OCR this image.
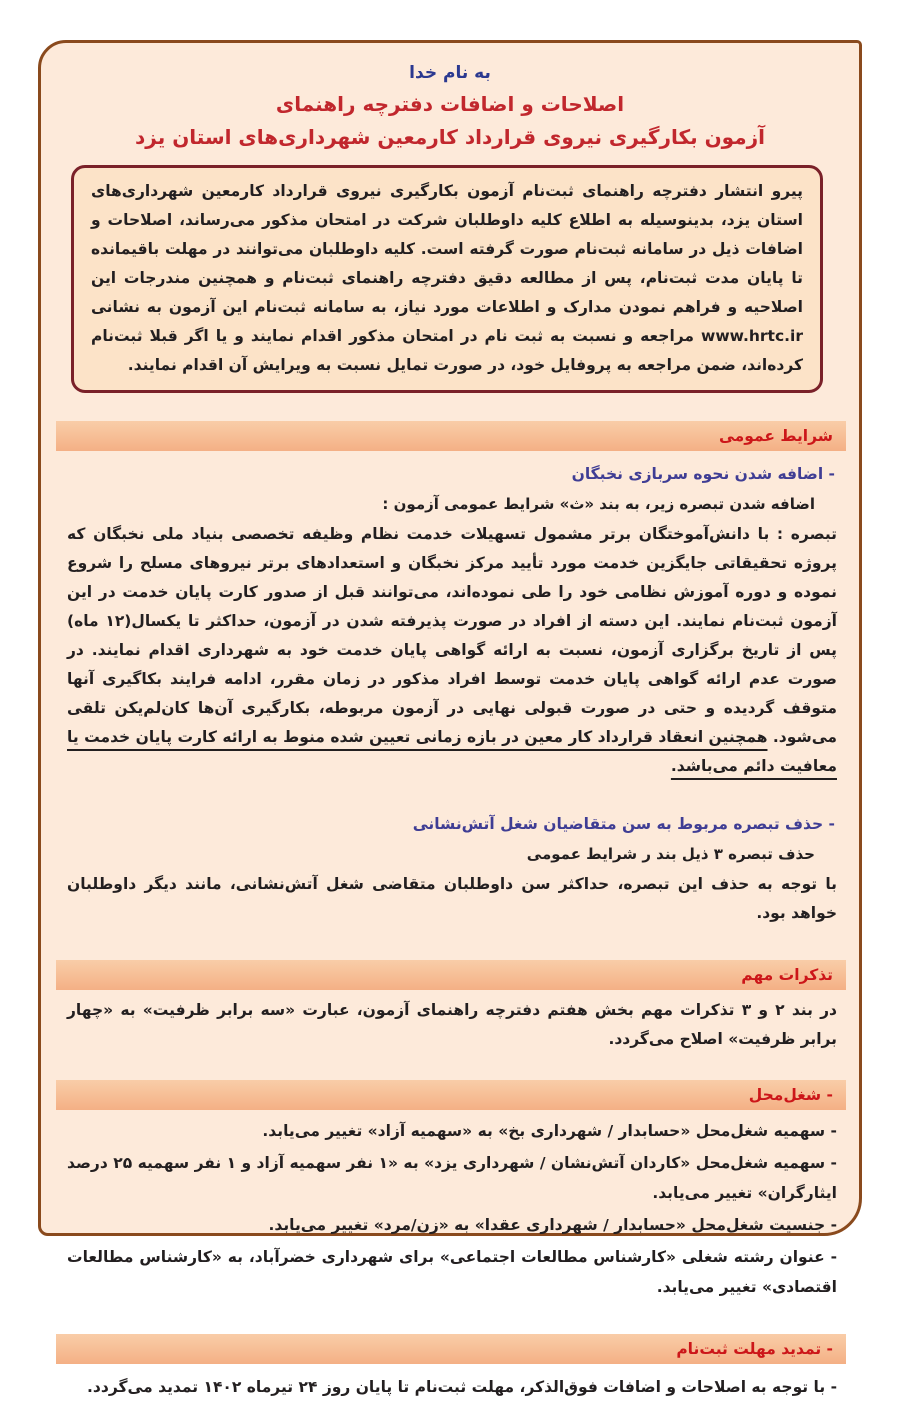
به نام خدا
اصلاحات و اضافات دفترچه راهنمای
آزمون بکارگیری نیروی قرارداد کارمعین شهرداری‌های استان یزد
پیرو انتشار دفترچه راهنمای ثبت‌نام آزمون بکارگیری نیروی قرارداد کارمعین شهرداری‌های استان یزد، بدینوسیله به اطلاع کلیه داوطلبان شرکت در امتحان مذکور می‌رساند، اصلاحات و اضافات ذیل در سامانه ثبت‌نام صورت گرفته است. کلیه داوطلبان می‌توانند در مهلت باقیمانده تا پایان مدت ثبت‌نام، پس از مطالعه دقیق دفترچه راهنمای ثبت‌نام و همچنین مندرجات این اصلاحیه و فراهم نمودن مدارک و اطلاعات مورد نیاز، به سامانه ثبت‌نام این آزمون به نشانی www.hrtc.ir مراجعه و نسبت به ثبت نام در امتحان مذکور اقدام نمایند و یا اگر قبلا ثبت‌نام کرده‌اند، ضمن مراجعه به پروفایل خود، در صورت تمایل نسبت به ویرایش آن اقدام نمایند.
شرایط عمومی
- اضافه شدن نحوه سربازی نخبگان
اضافه شدن تبصره زیر، به بند «ث» شرایط عمومی آزمون :

تبصره : با دانش‌آموختگان برتر مشمول تسهیلات خدمت نظام وظیفه تخصصی بنیاد ملی نخبگان که پروژه تحقیقاتی جایگزین خدمت مورد تأیید مرکز نخبگان و استعدادهای برتر نیروهای مسلح را شروع نموده و دوره آموزش نظامی خود را طی نموده‌اند، می‌توانند قبل از صدور کارت پایان خدمت در این آزمون ثبت‌نام نمایند. این دسته از افراد در صورت پذیرفته شدن در آزمون، حداکثر تا یکسال(۱۲ ماه) پس از تاریخ برگزاری آزمون، نسبت به ارائه گواهی پایان خدمت خود به شهرداری اقدام نمایند. در صورت عدم ارائه گواهی پایان خدمت توسط افراد مذکور در زمان مقرر، ادامه فرایند بکاگیری آنها متوقف گردیده و حتی در صورت قبولی نهایی در آزمون مربوطه، بکارگیری آن‌ها کان‌لم‌یکن تلقی می‌شود. همچنین انعقاد قرارداد کار معین در بازه زمانی تعیین شده منوط به ارائه کارت پایان خدمت یا معافیت دائم می‌باشد.

- حذف تبصره مربوط به سن متقاضیان شغل آتش‌نشانی
حذف تبصره ۳ ذیل بند ر شرایط عمومی

با توجه به حذف این تبصره، حداکثر سن داوطلبان متقاضی شغل آتش‌نشانی، مانند دیگر داوطلبان خواهد بود.

تذکرات مهم

در بند ۲ و ۳ تذکرات مهم بخش هفتم دفترچه راهنمای آزمون، عبارت «سه برابر ظرفیت» به «چهار برابر ظرفیت» اصلاح می‌گردد.

- شغل‌محل

- سهمیه شغل‌محل «حسابدار / شهرداری بخ» به «سهمیه آزاد» تغییر می‌یابد.

- سهمیه شغل‌محل «کاردان آتش‌نشان / شهرداری یزد» به «۱ نفر سهمیه آزاد و ۱ نفر سهمیه ۲۵ درصد ایثارگران» تغییر می‌یابد.

- جنسیت شغل‌محل «حسابدار / شهرداری عقدا» به «زن/مرد» تغییر می‌یابد.

- عنوان رشته شغلی «کارشناس مطالعات اجتماعی» برای شهرداری خضرآباد، به «کارشناس مطالعات اقتصادی» تغییر می‌یابد.

- تمدید مهلت ثبت‌نام

- با توجه به اصلاحات و اضافات فوق‌الذکر، مهلت ثبت‌نام تا پایان روز ۲۴ تیرماه ۱۴۰۲ تمدید می‌گردد.
